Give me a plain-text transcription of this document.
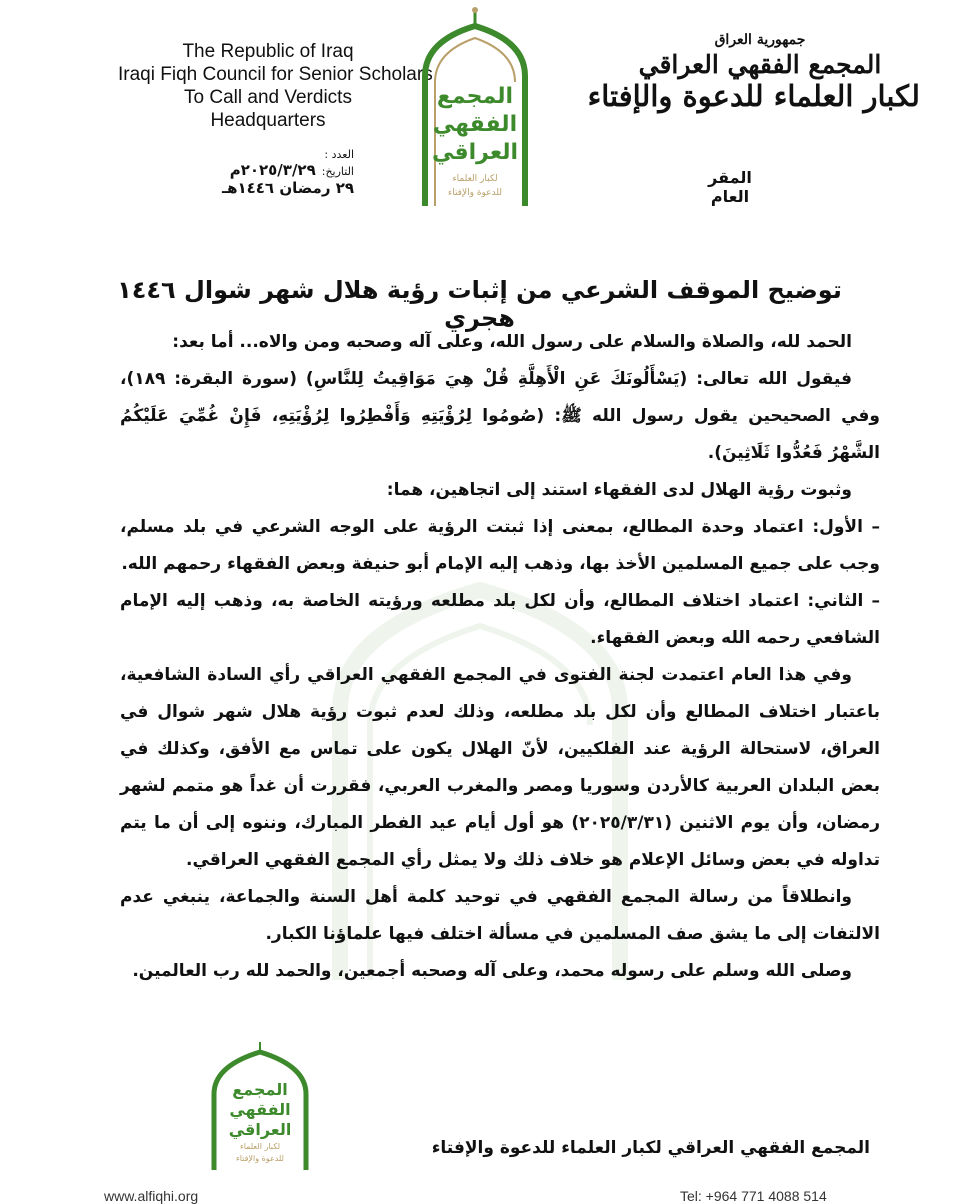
The Republic of Iraq
Iraqi Fiqh Council for Senior Scholars
To Call and Verdicts
Headquarters
العدد :
التاريخ:
٢٠٢٥/٣/٢٩م
٢٩ رمضان ١٤٤٦هـ
المجمع
الفقهي
العراقي
لكبار العلماء
للدعوة والإفتاء
جمهورية العراق
المجمع الفقهي العراقي
لكبار العلماء للدعوة والإفتاء
المقر العام
توضيح الموقف الشرعي من إثبات رؤية هلال شهر شوال ١٤٤٦ هجري

الحمد لله، والصلاة والسلام على رسول الله، وعلى آله وصحبه ومن والاه... أما بعد:

فيقول الله تعالى: (يَسْأَلُونَكَ عَنِ الْأَهِلَّةِ قُلْ هِيَ مَوَاقِيتُ لِلنَّاسِ) (سورة البقرة: ١٨٩)، وفي الصحيحين يقول رسول الله ﷺ: (صُومُوا لِرُؤْيَتِهِ وَأَفْطِرُوا لِرُؤْيَتِهِ، فَإِنْ غُمِّيَ عَلَيْكُمُ الشَّهْرُ فَعُدُّوا ثَلَاثِينَ).

وثبوت رؤية الهلال لدى الفقهاء استند إلى اتجاهين، هما:

– الأول: اعتماد وحدة المطالع، بمعنى إذا ثبتت الرؤية على الوجه الشرعي في بلد مسلم، وجب على جميع المسلمين الأخذ بها، وذهب إليه الإمام أبو حنيفة وبعض الفقهاء رحمهم الله.

– الثاني: اعتماد اختلاف المطالع، وأن لكل بلد مطلعه ورؤيته الخاصة به، وذهب إليه الإمام الشافعي رحمه الله وبعض الفقهاء.

وفي هذا العام اعتمدت لجنة الفتوى في المجمع الفقهي العراقي رأي السادة الشافعية، باعتبار اختلاف المطالع وأن لكل بلد مطلعه، وذلك لعدم ثبوت رؤية هلال شهر شوال في العراق، لاستحالة الرؤية عند الفلكيين، لأنّ الهلال يكون على تماس مع الأفق، وكذلك في بعض البلدان العربية كالأردن وسوريا ومصر والمغرب العربي، فقررت أن غداً هو متمم لشهر رمضان، وأن يوم الاثنين (٢٠٢٥/٣/٣١) هو أول أيام عيد الفطر المبارك، وننوه إلى أن ما يتم تداوله في بعض وسائل الإعلام هو خلاف ذلك ولا يمثل رأي المجمع الفقهي العراقي.

وانطلاقاً من رسالة المجمع الفقهي في توحيد كلمة أهل السنة والجماعة، ينبغي عدم الالتفات إلى ما يشق صف المسلمين في مسألة اختلف فيها علماؤنا الكبار.

وصلى الله وسلم على رسوله محمد، وعلى آله وصحبه أجمعين، والحمد لله رب العالمين.

المجمع
الفقهي
العراقي
لكبار العلماء
للدعوة والإفتاء
المجمع الفقهي العراقي لكبار العلماء للدعوة والإفتاء
www.alfiqhi.org	Tel: +964 771 4088 514
